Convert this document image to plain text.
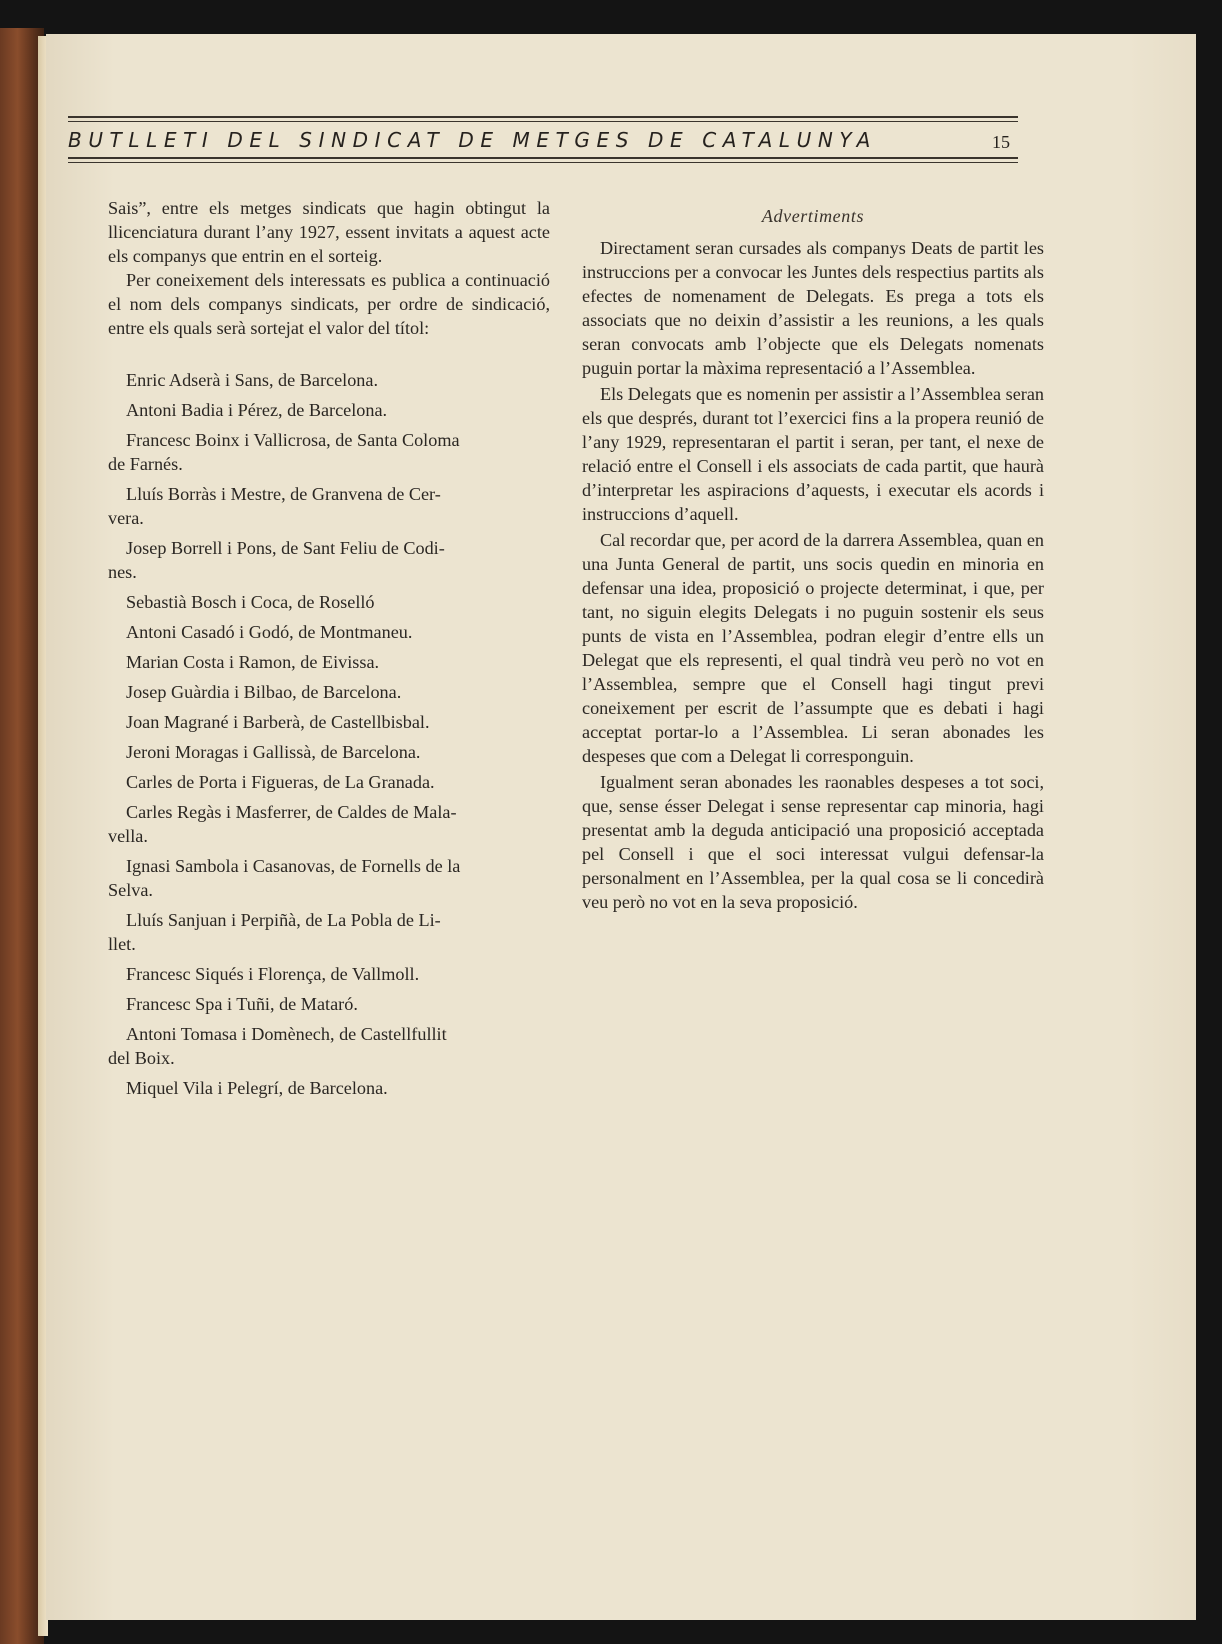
BUTLLETI DEL SINDICAT DE METGES DE CATALUNYA	15

Sais”, entre els metges sindicats que hagin obtingut la llicenciatura durant l’any 1927, essent invitats a aquest acte els companys que entrin en el sorteig.

Per coneixement dels interessats es publica a continuació el nom dels companys sindicats, per ordre de sindicació, entre els quals serà sortejat el valor del títol:

Enric Adserà i Sans, de Barcelona.

Antoni Badia i Pérez, de Barcelona.

Francesc Boinx i Vallicrosa, de Santa Coloma
de Farnés.

Lluís Borràs i Mestre, de Granvena de Cer-
vera.

Josep Borrell i Pons, de Sant Feliu de Codi-
nes.

Sebastià Bosch i Coca, de Roselló

Antoni Casadó i Godó, de Montmaneu.

Marian Costa i Ramon, de Eivissa.

Josep Guàrdia i Bilbao, de Barcelona.

Joan Magrané i Barberà, de Castellbisbal.

Jeroni Moragas i Gallissà, de Barcelona.

Carles de Porta i Figueras, de La Granada.

Carles Regàs i Masferrer, de Caldes de Mala-
vella.

Ignasi Sambola i Casanovas, de Fornells de la
Selva.

Lluís Sanjuan i Perpiñà, de La Pobla de Li-
llet.

Francesc Siqués i Florença, de Vallmoll.

Francesc Spa i Tuñi, de Mataró.

Antoni Tomasa i Domènech, de Castellfullit
del Boix.

Miquel Vila i Pelegrí, de Barcelona.

Advertiments

Directament seran cursades als companys Deats de partit les instruccions per a convocar les Juntes dels respectius partits als efectes de nomenament de Delegats. Es prega a tots els associats que no deixin d’assistir a les reunions, a les quals seran convocats amb l’objecte que els Delegats nomenats puguin portar la màxima representació a l’Assemblea.

Els Delegats que es nomenin per assistir a l’Assemblea seran els que després, durant tot l’exercici fins a la propera reunió de l’any 1929, representaran el partit i seran, per tant, el nexe de relació entre el Consell i els associats de cada partit, que haurà d’interpretar les aspiracions d’aquests, i executar els acords i instruccions d’aquell.

Cal recordar que, per acord de la darrera Assemblea, quan en una Junta General de partit, uns socis quedin en minoria en defensar una idea, proposició o projecte determinat, i que, per tant, no siguin elegits Delegats i no puguin sostenir els seus punts de vista en l’Assemblea, podran elegir d’entre ells un Delegat que els representi, el qual tindrà veu però no vot en l’Assemblea, sempre que el Consell hagi tingut previ coneixement per escrit de l’assumpte que es debati i hagi acceptat portar-lo a l’Assemblea. Li seran abonades les despeses que com a Delegat li corresponguin.

Igualment seran abonades les raonables despeses a tot soci, que, sense ésser Delegat i sense representar cap minoria, hagi presentat amb la deguda anticipació una proposició acceptada pel Consell i que el soci interessat vulgui defensar-la personalment en l’Assemblea, per la qual cosa se li concedirà veu però no vot en la seva proposició.
